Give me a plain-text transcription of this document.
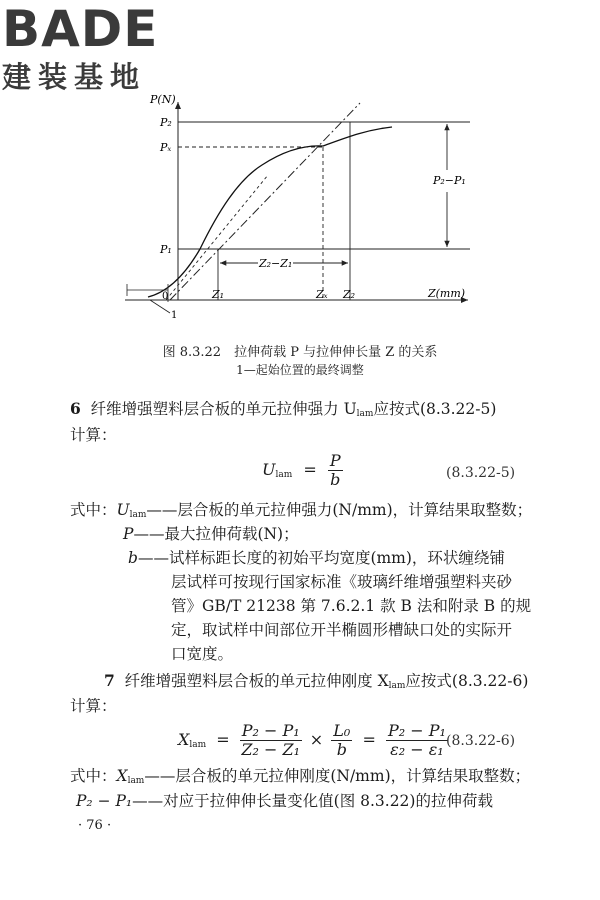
BADE
建装基地
P(N)
Z(mm)
P₂
Pₓ
P₁
0	Z₁	Zₓ Z₂
P₂−P₁
Z₂−Z₁
1
图 8.3.22　拉伸荷载 P 与拉伸伸长量 Z 的关系
1—起始位置的最终调整
6 纤维增强塑料层合板的单元拉伸强力 $U_{lam}$应按式(8.3.22-5)
计算：
$U_{lam} = \frac{P}{b}$	(8.3.22-5)
式中：$U_{lam}——$层合板的单元拉伸强力(N/mm)，计算结果取整数；
P——最大拉伸荷载(N)；
b——试样标距长度的初始平均宽度(mm)，环状缠绕铺
层试样可按现行国家标准《玻璃纤维增强塑料夹砂
管》GB/T 21238 第 7.6.2.1 款 B 法和附录 B 的规
定，取试样中间部位开半椭圆形槽缺口处的实际开
口宽度。
7 纤维增强塑料层合板的单元拉伸刚度 $X_{lam}$应按式(8.3.22-6)
计算：
$X_{lam} = \frac{\text{P₂ − P₁}}{\text{Z₂ − Z₁}} \times \frac{\text{L₀}}{b} = \frac{\text{P₂ − P₁}}{\text{ε₂ − ε₁}}$
(8.3.22-6)
式中：$X_{lam}——$层合板的单元拉伸刚度(N/mm)，计算结果取整数；
P₂ − P₁——对应于拉伸伸长量变化值(图 8.3.22)的拉伸荷载
· 76 ·
